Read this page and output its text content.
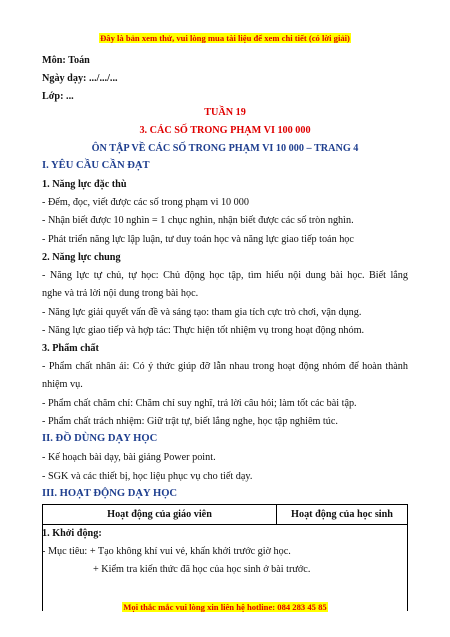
Đây là bản xem thử, vui lòng mua tài liệu để xem chi tiết (có lời giải)
Môn: Toán
Ngày dạy: .../.../...
Lớp: ...
TUẦN 19
3. CÁC SỐ TRONG PHẠM VI 100 000
ÔN TẬP VỀ CÁC SỐ TRONG PHẠM VI 10 000 – TRANG 4
I. YÊU CẦU CẦN ĐẠT
1. Năng lực đặc thù
- Đếm, đọc, viết được các số trong phạm vi 10 000
- Nhận biết được 10 nghìn = 1 chục nghìn, nhận biết được các số tròn nghìn.
- Phát triển năng lực lập luận, tư duy toán học và năng lực giao tiếp toán học
2. Năng lực chung
- Năng lực tự chủ, tự học: Chủ động học tập, tìm hiểu nội dung bài học. Biết lắng
nghe và trả lời nội dung trong bài học.
- Năng lực giải quyết vấn đề và sáng tạo: tham gia tích cực trò chơi, vận dụng.
- Năng lực giao tiếp và hợp tác: Thực hiện tốt nhiệm vụ trong hoạt động nhóm.
3. Phẩm chất
- Phẩm chất nhân ái: Có ý thức giúp đỡ lẫn nhau trong hoạt động nhóm để hoàn thành
nhiệm vụ.
- Phẩm chất chăm chỉ: Chăm chỉ suy nghĩ, trả lời câu hỏi; làm tốt các bài tập.
- Phẩm chất trách nhiệm: Giữ trật tự, biết lắng nghe, học tập nghiêm túc.
II. ĐỒ DÙNG DẠY HỌC
- Kế hoạch bài dạy, bài giảng Power point.
- SGK và các thiết bị, học liệu phục vụ cho tiết dạy.
III. HOẠT ĐỘNG DẠY HỌC
Hoạt động của giáo viên	Hoạt động của học sinh

1. Khởi động:
- Mục tiêu: + Tạo không khí vui vẻ, khấn khởi trước giờ học.
+ Kiểm tra kiến thức đã học của học sinh ở bài trước.
Mọi thắc mắc vui lòng xin liên hệ hotline: 084 283 45 85
